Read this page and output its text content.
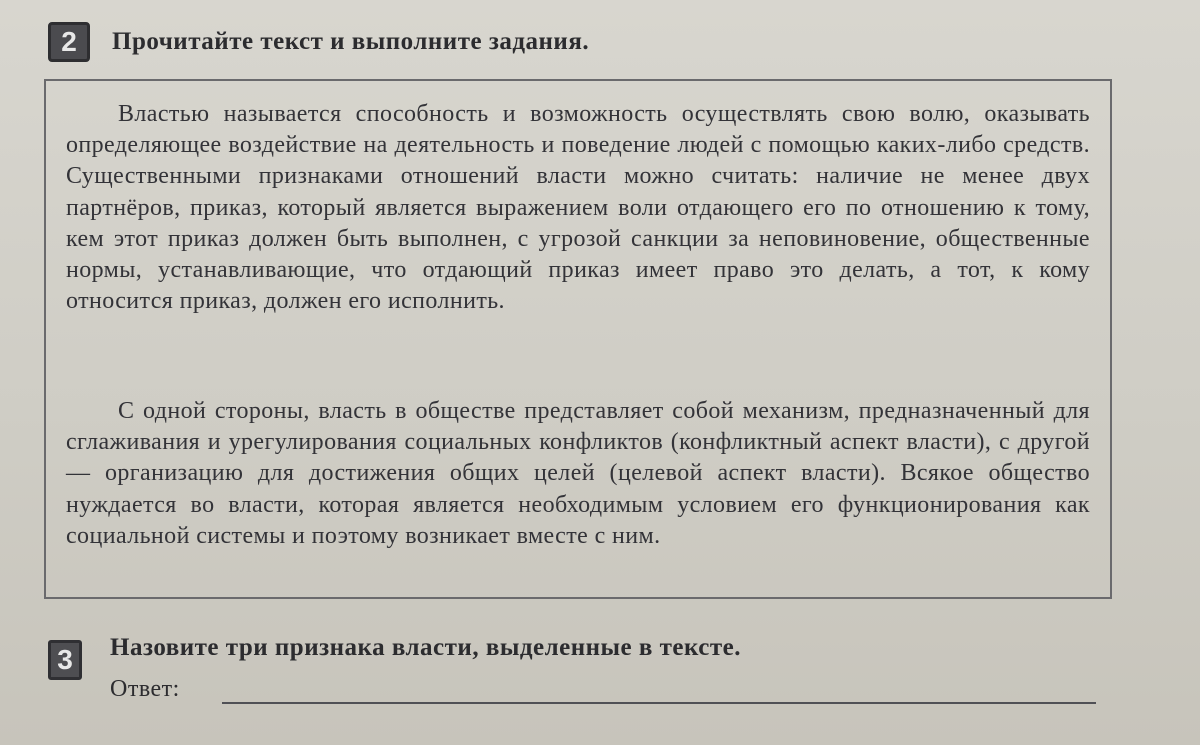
2	Прочитайте текст и выполните задания.

Властью называется способность и возможность осуществлять свою волю, оказывать определяющее воздействие на деятельность и поведение людей с помощью каких-либо средств. Существенными признаками отношений власти можно считать: наличие не менее двух партнёров, приказ, который является выражением воли отдающего его по отношению к тому, кем этот приказ должен быть выполнен, с угрозой санкции за неповиновение, общественные нормы, устанавливающие, что отдающий приказ имеет право это делать, а тот, к кому относится приказ, должен его исполнить.

С одной стороны, власть в обществе представляет собой механизм, предназначенный для сглаживания и урегулирования социальных конфликтов (конфликтный аспект власти), с другой — организацию для достижения общих целей (целевой аспект власти). Всякое общество нуждается во власти, которая является необходимым условием его функционирования как социальной системы и поэтому возникает вместе с ним.

3	Назовите три признака власти, выделенные в тексте.
Ответ:
